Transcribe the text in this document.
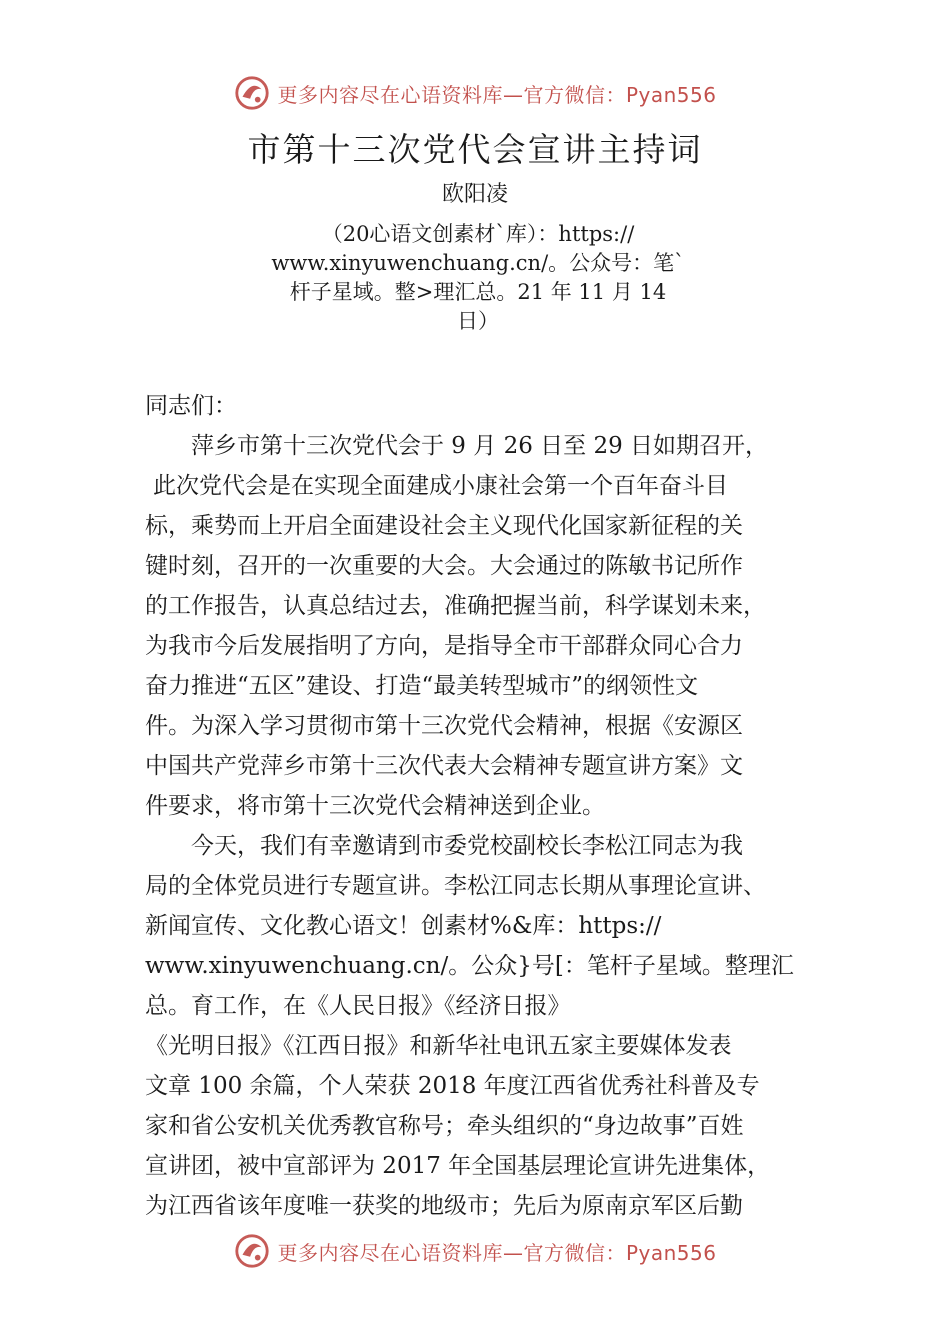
更多内容尽在心语资料库—官方微信：Pyan556
市第十三次党代会宣讲主持词
欧阳凌
（20心语文创素材`库）：https://
www.xinyuwenchuang.cn/。公众号：笔`
杆子星域。整>理汇总。21 年 11 月 14
日）
同志们：
萍乡市第十三次党代会于 9 月 26 日至 29 日如期召开，
此次党代会是在实现全面建成小康社会第一个百年奋斗目
标，乘势而上开启全面建设社会主义现代化国家新征程的关
键时刻，召开的一次重要的大会。大会通过的陈敏书记所作
的工作报告，认真总结过去，准确把握当前，科学谋划未来，
为我市今后发展指明了方向，是指导全市干部群众同心合力
奋力推进“五区”建设、打造“最美转型城市”的纲领性文
件。为深入学习贯彻市第十三次党代会精神，根据《安源区
中国共产党萍乡市第十三次代表大会精神专题宣讲方案》文
件要求，将市第十三次党代会精神送到企业。
今天，我们有幸邀请到市委党校副校长李松江同志为我
局的全体党员进行专题宣讲。李松江同志长期从事理论宣讲、
新闻宣传、文化教心语文！创素材%&库：https://
www.xinyuwenchuang.cn/。公众}号[：笔杆子星域。整理汇
总。育工作，在《人民日报》《经济日报》
《光明日报》《江西日报》和新华社电讯五家主要媒体发表
文章 100 余篇，个人荣获 2018 年度江西省优秀社科普及专
家和省公安机关优秀教官称号；牵头组织的“身边故事”百姓
宣讲团，被中宣部评为 2017 年全国基层理论宣讲先进集体，
为江西省该年度唯一获奖的地级市；先后为原南京军区后勤
更多内容尽在心语资料库—官方微信：Pyan556
